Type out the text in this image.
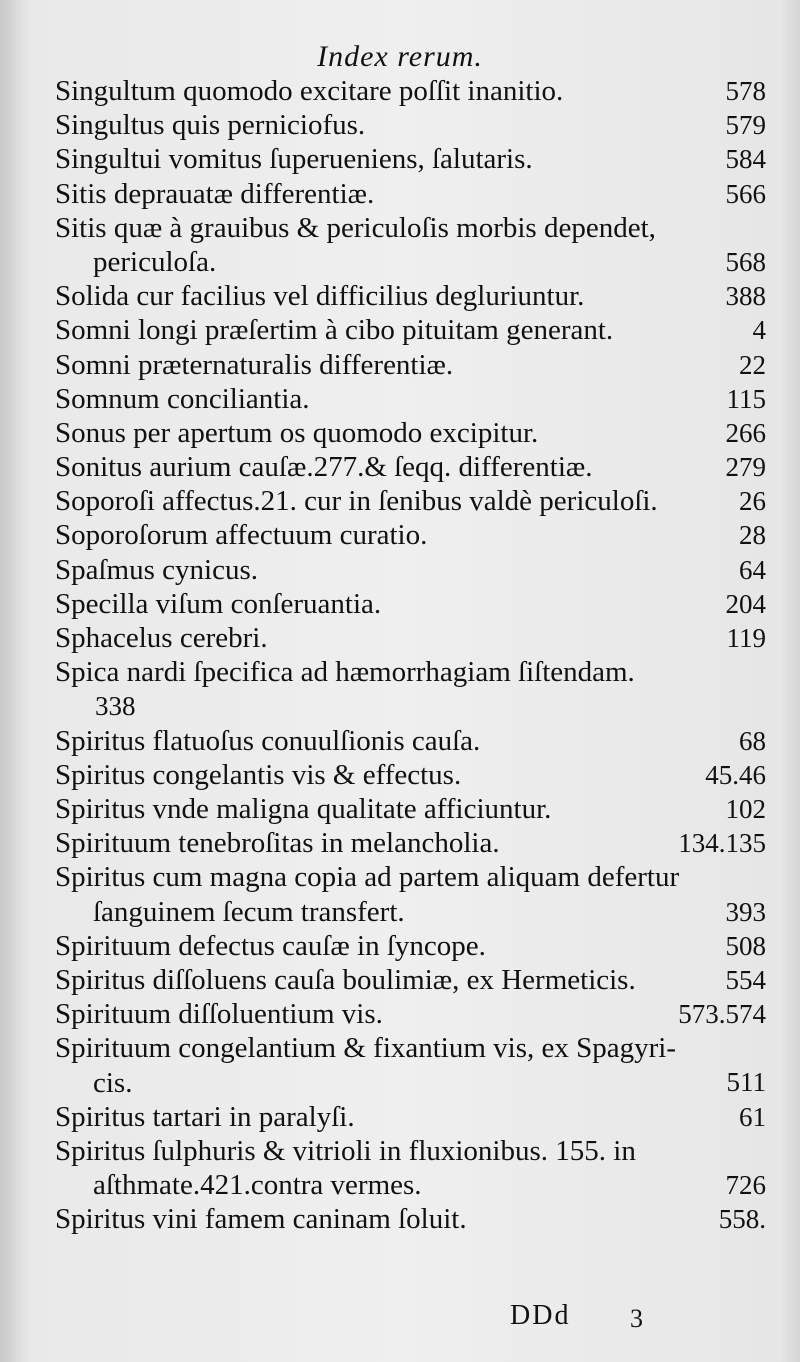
Index rerum.
Singultum quomodo excitare poſſit inanitio.	578
Singultus quis perniciofus.	579
Singultui vomitus ſuperueniens, ſalutaris.	584
Sitis deprauatæ differentiæ.	566
Sitis quæ à grauibus & periculoſis morbis dependet,
periculoſa.	568
Solida cur facilius vel difficilius degluriuntur.	388
Somni longi præſertim à cibo pituitam generant.	4
Somni præternaturalis differentiæ.	22
Somnum conciliantia.	115
Sonus per apertum os quomodo excipitur.	266
Sonitus aurium cauſæ.277.& ſeqq. differentiæ.	279
Soporoſi affectus.21. cur in ſenibus valdè periculoſi.	26
Soporoſorum affectuum curatio.	28
Spaſmus cynicus.	64
Specilla viſum conſeruantia.	204
Sphacelus cerebri.	119
Spica nardi ſpecifica ad hæmorrhagiam ſiſtendam.
338
Spiritus flatuoſus conuulſionis cauſa.	68
Spiritus congelantis vis & effectus.	45.46
Spiritus vnde maligna qualitate afficiuntur.	102
Spirituum tenebroſitas in melancholia.	134.135
Spiritus cum magna copia ad partem aliquam defertur
ſanguinem ſecum transfert.	393
Spirituum defectus cauſæ in ſyncope.	508
Spiritus diſſoluens cauſa boulimiæ, ex Hermeticis.	554
Spirituum diſſoluentium vis.	573.574
Spirituum congelantium & fixantium vis, ex Spagyri-
cis.	511
Spiritus tartari in paralyſi.	61
Spiritus ſulphuris & vitrioli in fluxionibus. 155. in
aſthmate.421.contra vermes.	726
Spiritus vini famem caninam ſoluit.	558.
DDd 3
